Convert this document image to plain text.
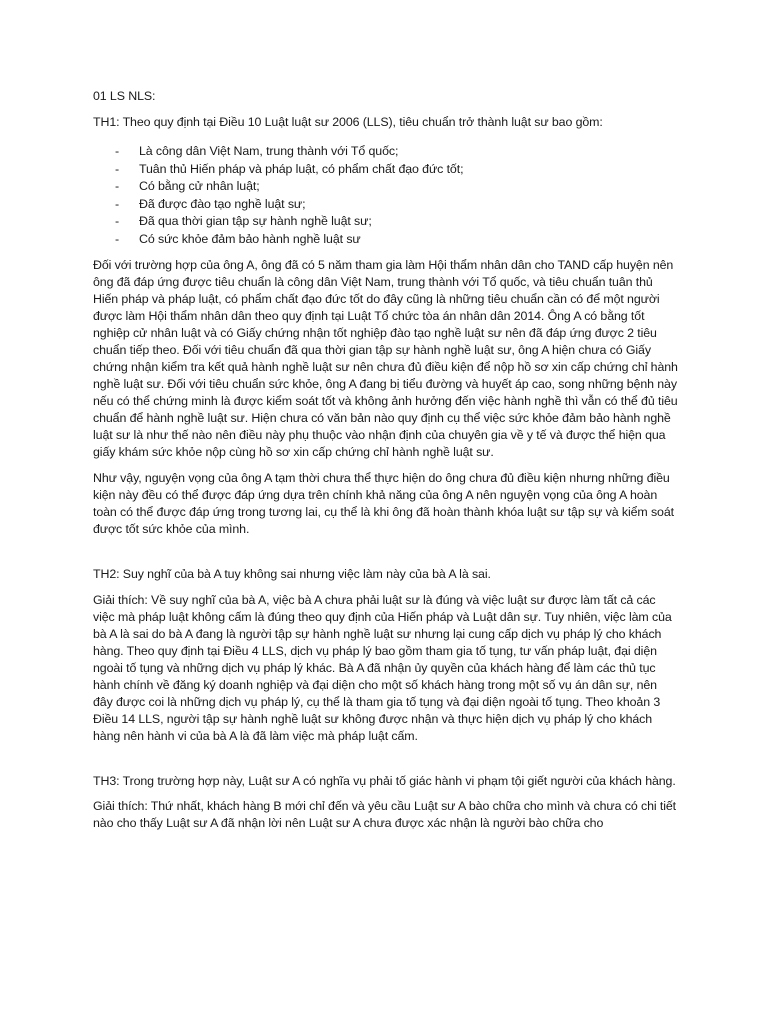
01 LS NLS:

TH1: Theo quy định tại Điều 10 Luật luật sư 2006 (LLS), tiêu chuẩn trở thành luật sư bao gồm:

- Là công dân Việt Nam, trung thành với Tổ quốc;
- Tuân thủ Hiến pháp và pháp luật, có phẩm chất đạo đức tốt;
- Có bằng cử nhân luật;
- Đã được đào tạo nghề luật sư;
- Đã qua thời gian tập sự hành nghề luật sư;
- Có sức khỏe đảm bảo hành nghề luật sư

Đối với trường hợp của ông A, ông đã có 5 năm tham gia làm Hội thẩm nhân dân cho TAND cấp huyện nên ông đã đáp ứng được tiêu chuẩn là công dân Việt Nam, trung thành với Tổ quốc, và tiêu chuẩn tuân thủ Hiến pháp và pháp luật, có phẩm chất đạo đức tốt do đây cũng là những tiêu chuẩn cần có để một người được làm Hội thẩm nhân dân theo quy định tại Luật Tổ chức tòa án nhân dân 2014. Ông A có bằng tốt nghiệp cử nhân luật và có Giấy chứng nhận tốt nghiệp đào tạo nghề luật sư nên đã đáp ứng được 2 tiêu chuẩn tiếp theo. Đối với tiêu chuẩn đã qua thời gian tập sự hành nghề luật sư, ông A hiện chưa có Giấy chứng nhận kiểm tra kết quả hành nghề luật sư nên chưa đủ điều kiện để nộp hồ sơ xin cấp chứng chỉ hành nghề luật sư. Đối với tiêu chuẩn sức khỏe, ông A đang bị tiểu đường và huyết áp cao, song những bệnh này nếu có thể chứng minh là được kiểm soát tốt và không ảnh hưởng đến việc hành nghề thì vẫn có thể đủ tiêu chuẩn để hành nghề luật sư. Hiện chưa có văn bản nào quy định cụ thể việc sức khỏe đảm bảo hành nghề luật sư là như thế nào nên điều này phụ thuộc vào nhận định của chuyên gia về y tế và được thể hiện qua giấy khám sức khỏe nộp cùng hồ sơ xin cấp chứng chỉ hành nghề luật sư.

Như vậy, nguyện vọng của ông A tạm thời chưa thể thực hiện do ông chưa đủ điều kiện nhưng những điều kiện này đều có thể được đáp ứng dựa trên chính khả năng của ông A nên nguyện vọng của ông A hoàn toàn có thể được đáp ứng trong tương lai, cụ thể là khi ông đã hoàn thành khóa luật sư tập sự và kiểm soát được tốt sức khỏe của mình.

TH2: Suy nghĩ của bà A tuy không sai nhưng việc làm này của bà A là sai.

Giải thích: Về suy nghĩ của bà A, việc bà A chưa phải luật sư là đúng và việc luật sư được làm tất cả các việc mà pháp luật không cấm là đúng theo quy định của Hiến pháp và Luật dân sự. Tuy nhiên, việc làm của bà A là sai do bà A đang là người tập sự hành nghề luật sư nhưng lại cung cấp dịch vụ pháp lý cho khách hàng. Theo quy định tại Điều 4 LLS, dịch vụ pháp lý bao gồm tham gia tố tụng, tư vấn pháp luật, đại diện ngoài tố tụng và những dịch vụ pháp lý khác. Bà A đã nhận ủy quyền của khách hàng để làm các thủ tục hành chính về đăng ký doanh nghiệp và đại diện cho một số khách hàng trong một số vụ án dân sự, nên đây được coi là những dịch vụ pháp lý, cụ thể là tham gia tố tụng và đại diện ngoài tố tụng. Theo khoản 3 Điều 14 LLS, người tập sự hành nghề luật sư không được nhận và thực hiện dịch vụ pháp lý cho khách hàng nên hành vi của bà A là đã làm việc mà pháp luật cấm.

TH3: Trong trường hợp này, Luật sư A có nghĩa vụ phải tố giác hành vi phạm tội giết người của khách hàng.

Giải thích: Thứ nhất, khách hàng B mới chỉ đến và yêu cầu Luật sư A bào chữa cho mình và chưa có chi tiết nào cho thấy Luật sư A đã nhận lời nên Luật sư A chưa được xác nhận là người bào chữa cho
